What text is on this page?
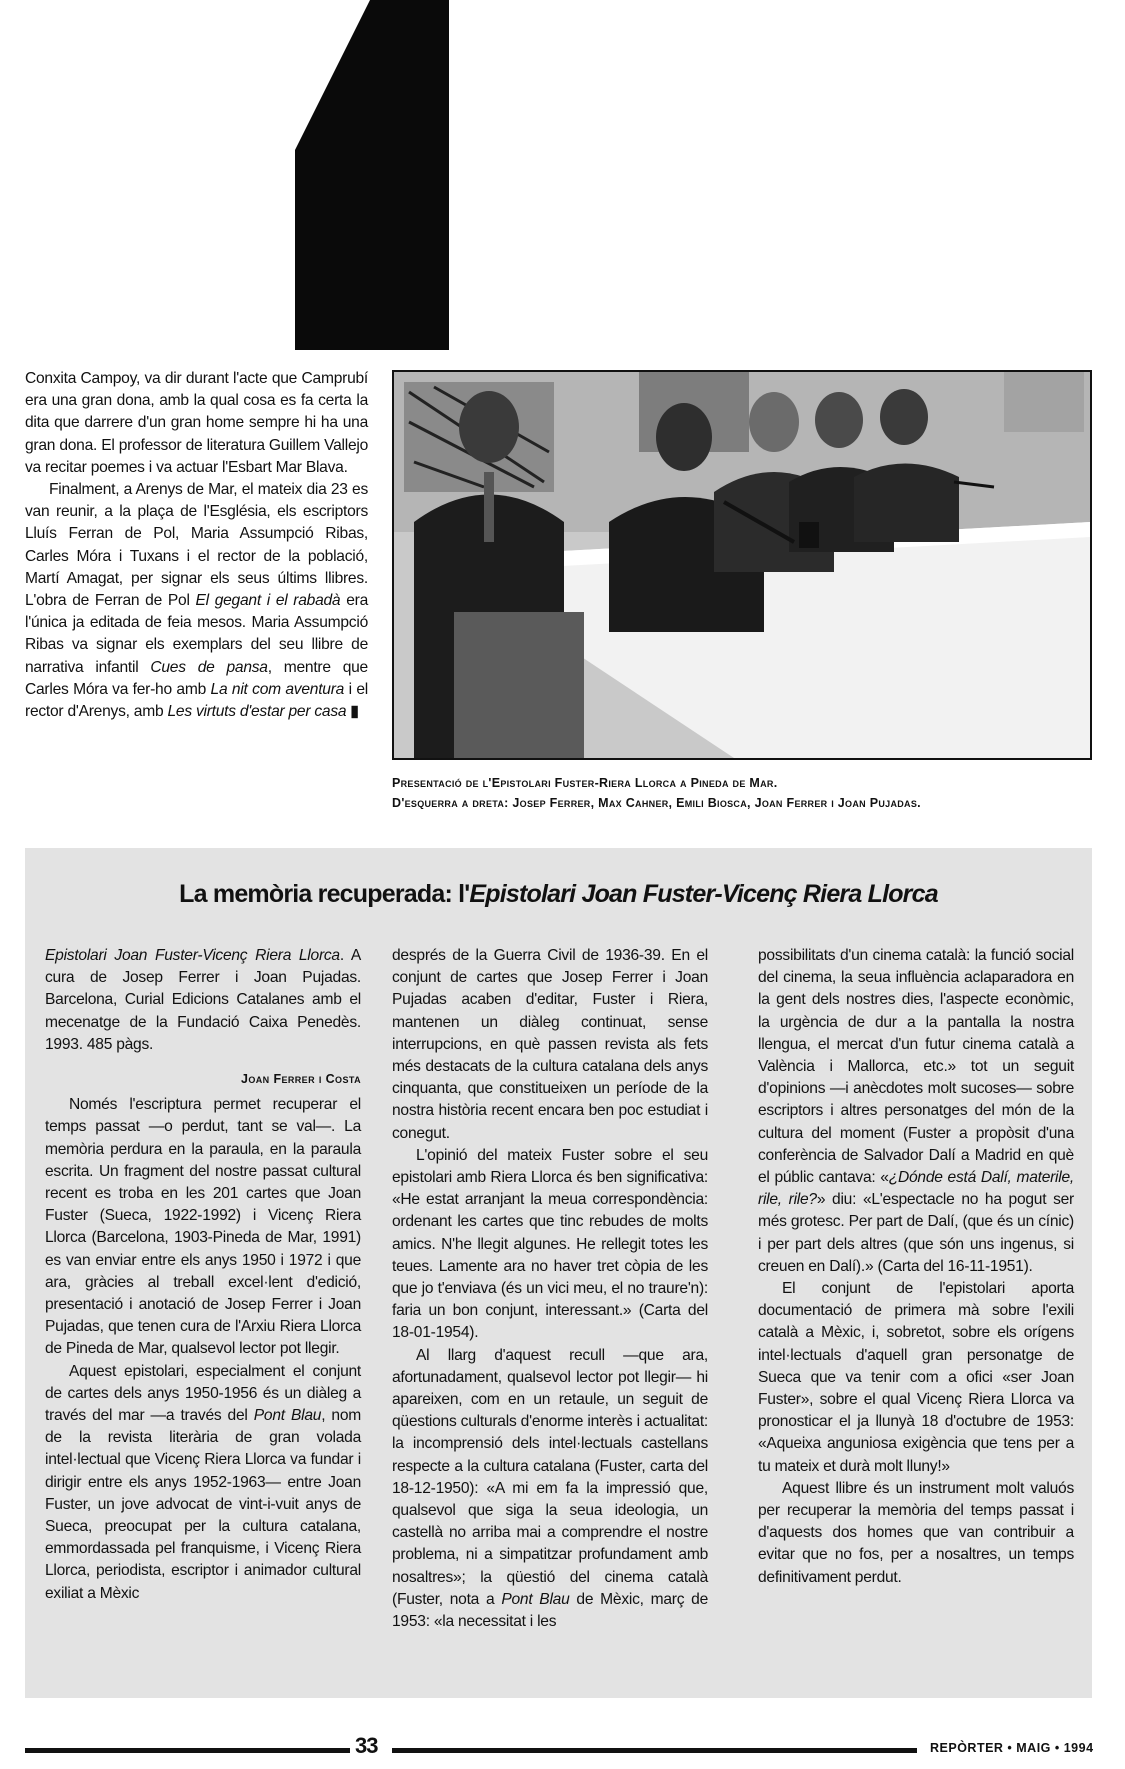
Conxita Campoy, va dir durant l'acte que Camprubí era una gran dona, amb la qual cosa es fa certa la dita que darrere d'un gran home sempre hi ha una gran dona. El professor de literatura Guillem Vallejo va recitar poemes i va actuar l'Esbart Mar Blava.

Finalment, a Arenys de Mar, el mateix dia 23 es van reunir, a la plaça de l'Església, els escriptors Lluís Ferran de Pol, Maria Assumpció Ribas, Carles Móra i Tuxans i el rector de la població, Martí Amagat, per signar els seus últims llibres. L'obra de Ferran de Pol El gegant i el rabadà era l'única ja editada de feia mesos. Maria Assumpció Ribas va signar els exemplars del seu llibre de narrativa infantil Cues de pansa, mentre que Carles Móra va fer-ho amb La nit com aventura i el rector d'Arenys, amb Les virtuts d'estar per casa ▮

Presentació de l'Epistolari Fuster-Riera Llorca a Pineda de Mar.
D'esquerra a dreta: Josep Ferrer, Max Cahner, Emili Biosca, Joan Ferrer i Joan Pujadas.
La memòria recuperada: l'Epistolari Joan Fuster-Vicenç Riera Llorca

Epistolari Joan Fuster-Vicenç Riera Llorca. A cura de Josep Ferrer i Joan Pujadas. Barcelona, Curial Edicions Catalanes amb el mecenatge de la Fundació Caixa Penedès. 1993. 485 pàgs.

Joan Ferrer i Costa

Només l'escriptura permet recuperar el temps passat —o perdut, tant se val—. La memòria perdura en la paraula, en la paraula escrita. Un fragment del nostre passat cultural recent es troba en les 201 cartes que Joan Fuster (Sueca, 1922-1992) i Vicenç Riera Llorca (Barcelona, 1903-Pineda de Mar, 1991) es van enviar entre els anys 1950 i 1972 i que ara, gràcies al treball excel·lent d'edició, presentació i anotació de Josep Ferrer i Joan Pujadas, que tenen cura de l'Arxiu Riera Llorca de Pineda de Mar, qualsevol lector pot llegir.

Aquest epistolari, especialment el conjunt de cartes dels anys 1950-1956 és un diàleg a través del mar —a través del Pont Blau, nom de la revista literària de gran volada intel·lectual que Vicenç Riera Llorca va fundar i dirigir entre els anys 1952-1963— entre Joan Fuster, un jove advocat de vint-i-vuit anys de Sueca, preocupat per la cultura catalana, emmordassada pel franquisme, i Vicenç Riera Llorca, periodista, escriptor i animador cultural exiliat a Mèxic

després de la Guerra Civil de 1936-39. En el conjunt de cartes que Josep Ferrer i Joan Pujadas acaben d'editar, Fuster i Riera, mantenen un diàleg continuat, sense interrupcions, en què passen revista als fets més destacats de la cultura catalana dels anys cinquanta, que constitueixen un període de la nostra història recent encara ben poc estudiat i conegut.

L'opinió del mateix Fuster sobre el seu epistolari amb Riera Llorca és ben significativa: «He estat arranjant la meua correspondència: ordenant les cartes que tinc rebudes de molts amics. N'he llegit algunes. He rellegit totes les teues. Lamente ara no haver tret còpia de les que jo t'enviava (és un vici meu, el no traure'n): faria un bon conjunt, interessant.» (Carta del 18-01-1954).

Al llarg d'aquest recull —que ara, afortunadament, qualsevol lector pot llegir— hi apareixen, com en un retaule, un seguit de qüestions culturals d'enorme interès i actualitat: la incomprensió dels intel·lectuals castellans respecte a la cultura catalana (Fuster, carta del 18-12-1950): «A mi em fa la impressió que, qualsevol que siga la seua ideologia, un castellà no arriba mai a comprendre el nostre problema, ni a simpatitzar profundament amb nosaltres»; la qüestió del cinema català (Fuster, nota a Pont Blau de Mèxic, març de 1953: «la necessitat i les

possibilitats d'un cinema català: la funció social del cinema, la seua influència aclaparadora en la gent dels nostres dies, l'aspecte econòmic, la urgència de dur a la pantalla la nostra llengua, el mercat d'un futur cinema català a València i Mallorca, etc.» tot un seguit d'opinions —i anècdotes molt sucoses— sobre escriptors i altres personatges del món de la cultura del moment (Fuster a propòsit d'una conferència de Salvador Dalí a Madrid en què el públic cantava: «¿Dónde está Dalí, materile, rile, rile?» diu: «L'espectacle no ha pogut ser més grotesc. Per part de Dalí, (que és un cínic) i per part dels altres (que són uns ingenus, si creuen en Dalí).» (Carta del 16-11-1951).

El conjunt de l'epistolari aporta documentació de primera mà sobre l'exili català a Mèxic, i, sobretot, sobre els orígens intel·lectuals d'aquell gran personatge de Sueca que va tenir com a ofici «ser Joan Fuster», sobre el qual Vicenç Riera Llorca va pronosticar el ja llunyà 18 d'octubre de 1953: «Aqueixa anguniosa exigència que tens per a tu mateix et durà molt lluny!»

Aquest llibre és un instrument molt valuós per recuperar la memòria del temps passat i d'aquests dos homes que van contribuir a evitar que no fos, per a nosaltres, un temps definitivament perdut.

33	REPÒRTER • MAIG • 1994
